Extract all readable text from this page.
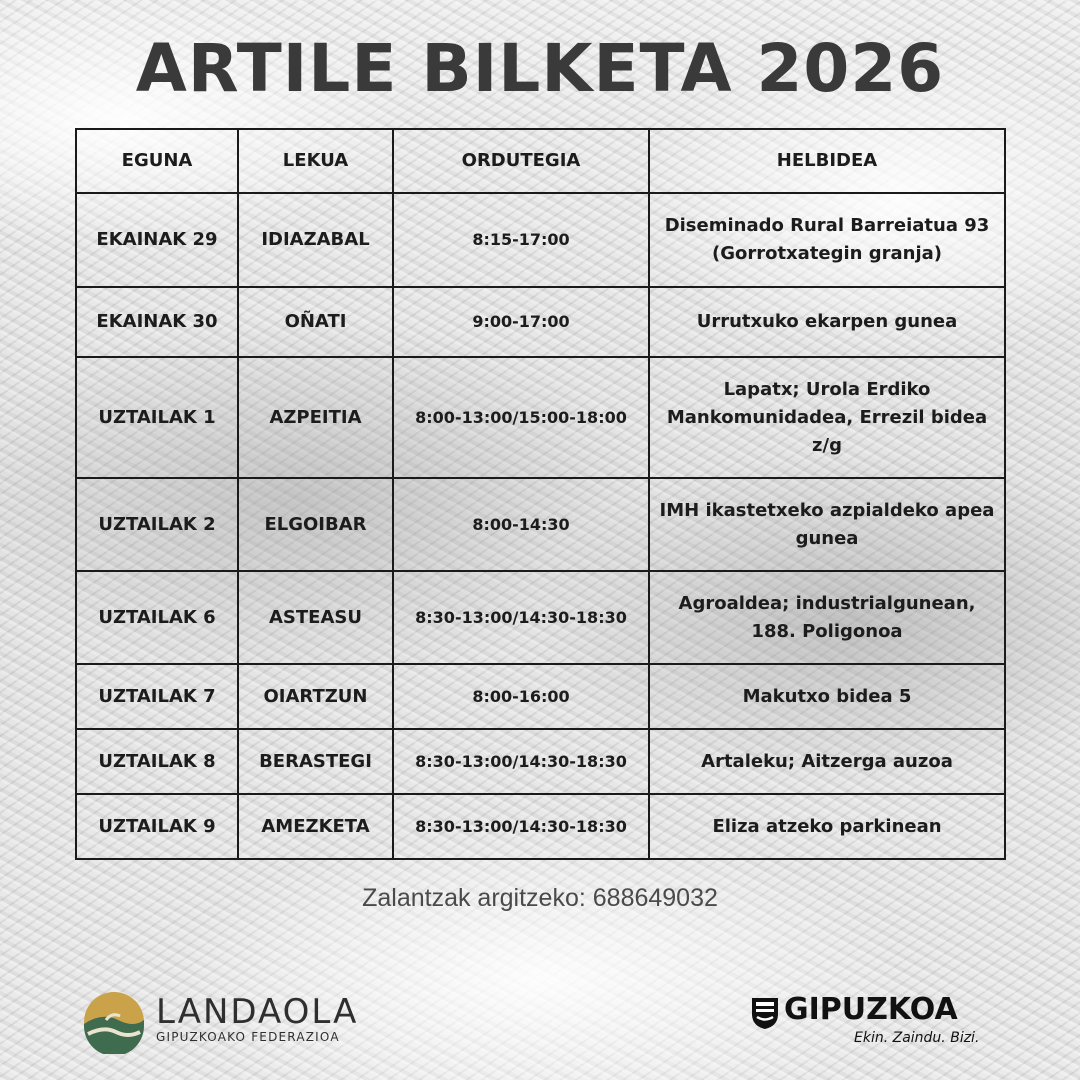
ARTILE BILKETA 2026
EGUNA	LEKUA	ORDUTEGIA	HELBIDEA
EKAINAK 29	IDIAZABAL	8:15-17:00	Diseminado Rural Barreiatua 93 (Gorrotxategin granja)
EKAINAK 30	OÑATI	9:00-17:00	Urrutxuko ekarpen gunea
UZTAILAK 1	AZPEITIA	8:00-13:00/15:00-18:00	Lapatx; Urola Erdiko Mankomunidadea, Errezil bidea z/g
UZTAILAK 2	ELGOIBAR	8:00-14:30	IMH ikastetxeko azpialdeko apea gunea
UZTAILAK 6	ASTEASU	8:30-13:00/14:30-18:30	Agroaldea; industrialgunean, 188. Poligonoa
UZTAILAK 7	OIARTZUN	8:00-16:00	Makutxo bidea 5
UZTAILAK 8	BERASTEGI	8:30-13:00/14:30-18:30	Artaleku; Aitzerga auzoa
UZTAILAK 9	AMEZKETA	8:30-13:00/14:30-18:30	Eliza atzeko parkinean
Zalantzak argitzeko: 688649032
LANDAOLA
GIPUZKOAKO FEDERAZIOA
GIPUZKOA
Ekin. Zaindu. Bizi.
